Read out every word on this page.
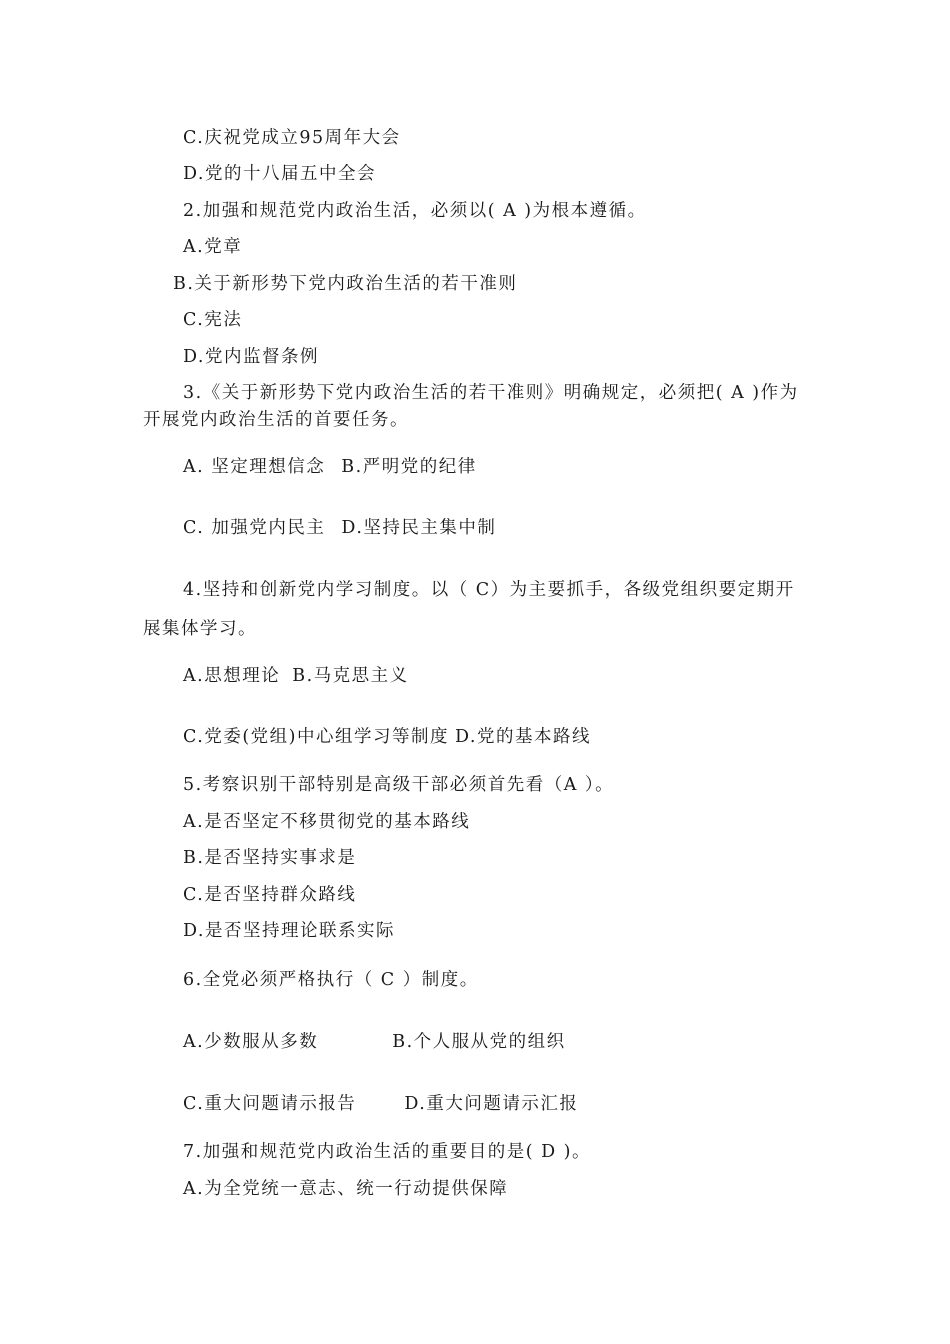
C.庆祝党成立95周年大会
D.党的十八届五中全会
2.加强和规范党内政治生活，必须以( A )为根本遵循。
A.党章
B.关于新形势下党内政治生活的若干准则
C.宪法
D.党内监督条例
3.《关于新形势下党内政治生活的若干准则》明确规定，必须把( A )作为
开展党内政治生活的首要任务。
A. 坚定理想信念 B.严明党的纪律
C. 加强党内民主 D.坚持民主集中制
4.坚持和创新党内学习制度。以（ C）为主要抓手，各级党组织要定期开
展集体学习。
A.思想理论 B.马克思主义
C.党委(党组)中心组学习等制度 D.党的基本路线
5.考察识别干部特别是高级干部必须首先看（A ）。
A.是否坚定不移贯彻党的基本路线
B.是否坚持实事求是
C.是否坚持群众路线
D.是否坚持理论联系实际
6.全党必须严格执行（ C ）制度。
A.少数服从多数	B.个人服从党的组织
C.重大问题请示报告	D.重大问题请示汇报
7.加强和规范党内政治生活的重要目的是( D )。
A.为全党统一意志、统一行动提供保障
